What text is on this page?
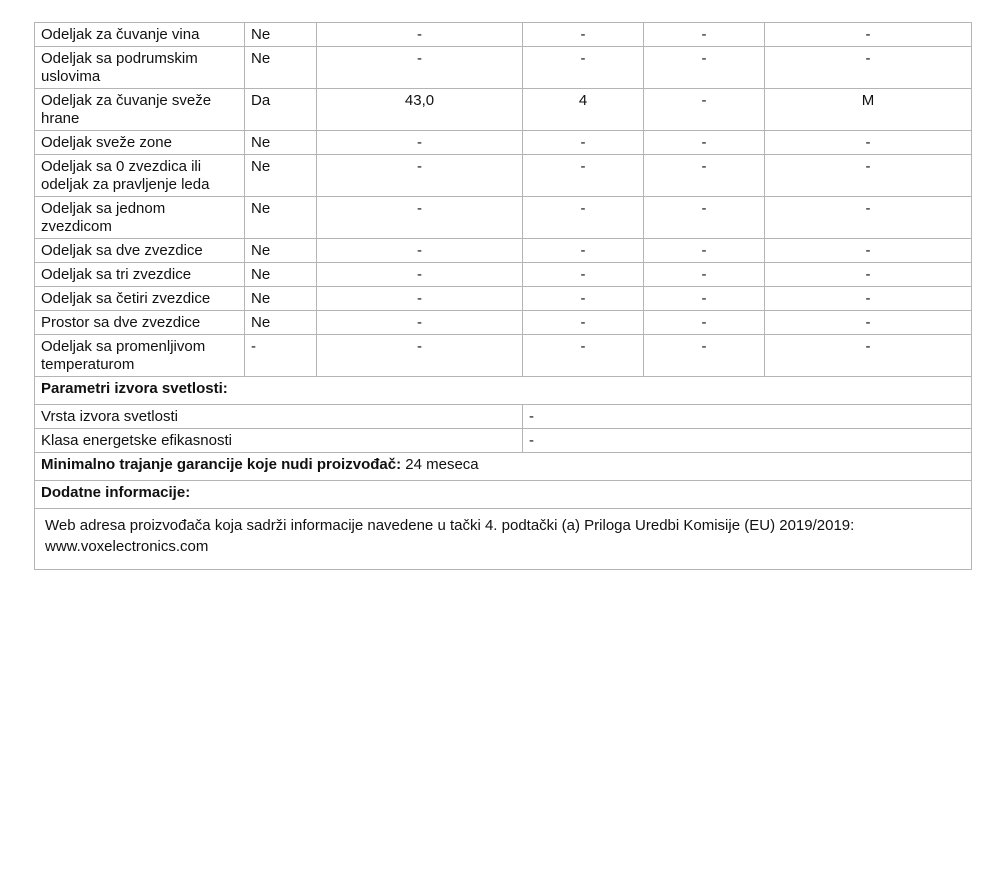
Odeljak za čuvanje vina	Ne	-	-	-	-
Odeljak sa podrumskim uslovima	Ne	-	-	-	-
Odeljak za čuvanje sveže hrane	Da	43,0	4	-	M
Odeljak sveže zone	Ne	-	-	-	-
Odeljak sa 0 zvezdica ili odeljak za pravljenje leda	Ne	-	-	-	-
Odeljak sa jednom zvezdicom	Ne	-	-	-	-
Odeljak sa dve zvezdice	Ne	-	-	-	-
Odeljak sa tri zvezdice	Ne	-	-	-	-
Odeljak sa četiri zvezdice	Ne	-	-	-	-
Prostor sa dve zvezdice	Ne	-	-	-	-
Odeljak sa promenljivom temperaturom	-	-	-	-	-
Parametri izvora svetlosti:					
Vrsta izvora svetlosti			-		
Klasa energetske efikasnosti			-		
Minimalno trajanje garancije koje nudi proizvođač: 24 meseca					
Dodatne informacije:					
Web adresa proizvođača koja sadrži informacije navedene u tački 4. podtački (a) Priloga Uredbi Komisije (EU) 2019/2019: www.voxelectronics.com					
